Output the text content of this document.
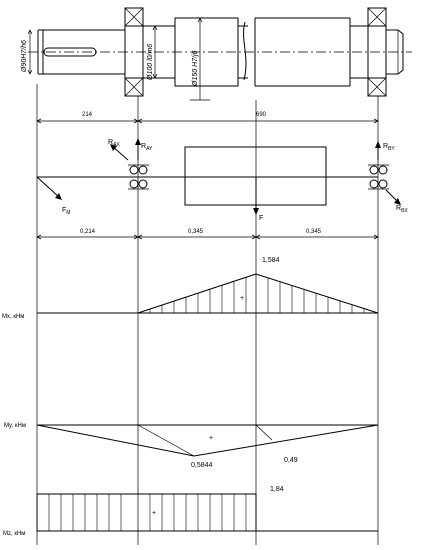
Ø90H7/h6	Ø100 l0/m6	Ø150 H7/j6
214	690
$R_{AX}$	$R_{AY}$	$R_{BY}$
$R_{BX}$
$F_M$
F
0,214	0,345	0,345
Mx, кНм
1,584
+
My, кНм
0,5844
0,49
+
Mz, кНм
1,84
+
